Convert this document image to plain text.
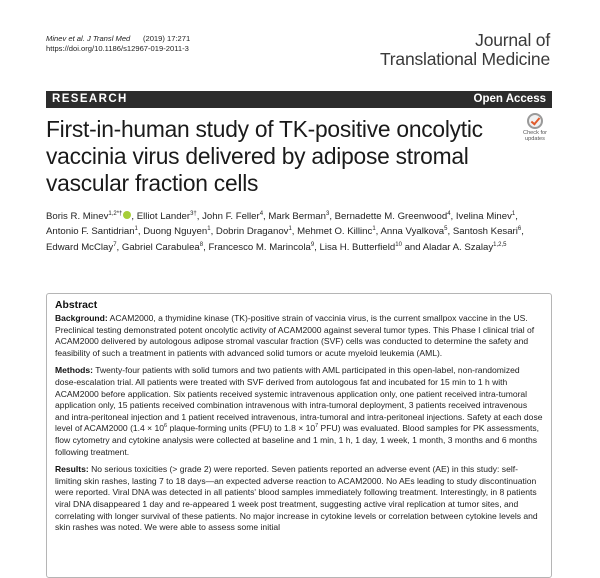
Minev et al. J Transl Med (2019) 17:271
https://doi.org/10.1186/s12967-019-2011-3	Journal of
Translational Medicine
RESEARCH	Open Access
First-in-human study of TK-positive oncolytic vaccinia virus delivered by adipose stromal vascular fraction cells
Check for
updates
Boris R. Minev$^{1,2*\dagger}$ , Elliot Lander$^{3\dagger}$, John F. Feller$^4$, Mark Berman$^3$, Bernadette M. Greenwood$^4$, Ivelina Minev$^1$, Antonio F. Santidrian$^1$, Duong Nguyen$^1$, Dobrin Draganov$^1$, Mehmet O. Killinc$^1$, Anna Vyalkova$^5$, Santosh Kesari$^6$, Edward McClay$^7$, Gabriel Carabulea$^8$, Francesco M. Marincola$^9$, Lisa H. Butterfield$^{10}$ and Aladar A. Szalay$^{1,2,5}$
Abstract

Background: ACAM2000, a thymidine kinase (TK)-positive strain of vaccinia virus, is the current smallpox vaccine in the US. Preclinical testing demonstrated potent oncolytic activity of ACAM2000 against several tumor types. This Phase I clinical trial of ACAM2000 delivered by autologous adipose stromal vascular fraction (SVF) cells was conducted to determine the safety and feasibility of such a treatment in patients with advanced solid tumors or acute myeloid leukemia (AML).

Methods: Twenty-four patients with solid tumors and two patients with AML participated in this open-label, non-randomized dose-escalation trial. All patients were treated with SVF derived from autologous fat and incubated for 15 min to 1 h with ACAM2000 before application. Six patients received systemic intravenous application only, one patient received intra-tumoral application only, 15 patients received combination intravenous with intra-tumoral deployment, 3 patients received intravenous and intra-peritoneal injection and 1 patient received intravenous, intra-tumoral and intra-peritoneal injections. Safety at each dose level of ACAM2000 ($1.4 \times 10^6$ plaque-forming units (PFU) to $1.8 \times 10^7$ PFU) was evaluated. Blood samples for PK assessments, flow cytometry and cytokine analysis were collected at baseline and 1 min, 1 h, 1 day, 1 week, 1 month, 3 months and 6 months following treatment.

Results: No serious toxicities (> grade 2) were reported. Seven patients reported an adverse event (AE) in this study: self-limiting skin rashes, lasting 7 to 18 days—an expected adverse reaction to ACAM2000. No AEs leading to study discontinuation were reported. Viral DNA was detected in all patients' blood samples immediately following treatment. Interestingly, in 8 patients viral DNA disappeared 1 day and re-appeared 1 week post treatment, suggesting active viral replication at tumor sites, and correlating with longer survival of these patients. No major increase in cytokine levels or correlation between cytokine levels and skin rashes was noted. We were able to assess some initial
